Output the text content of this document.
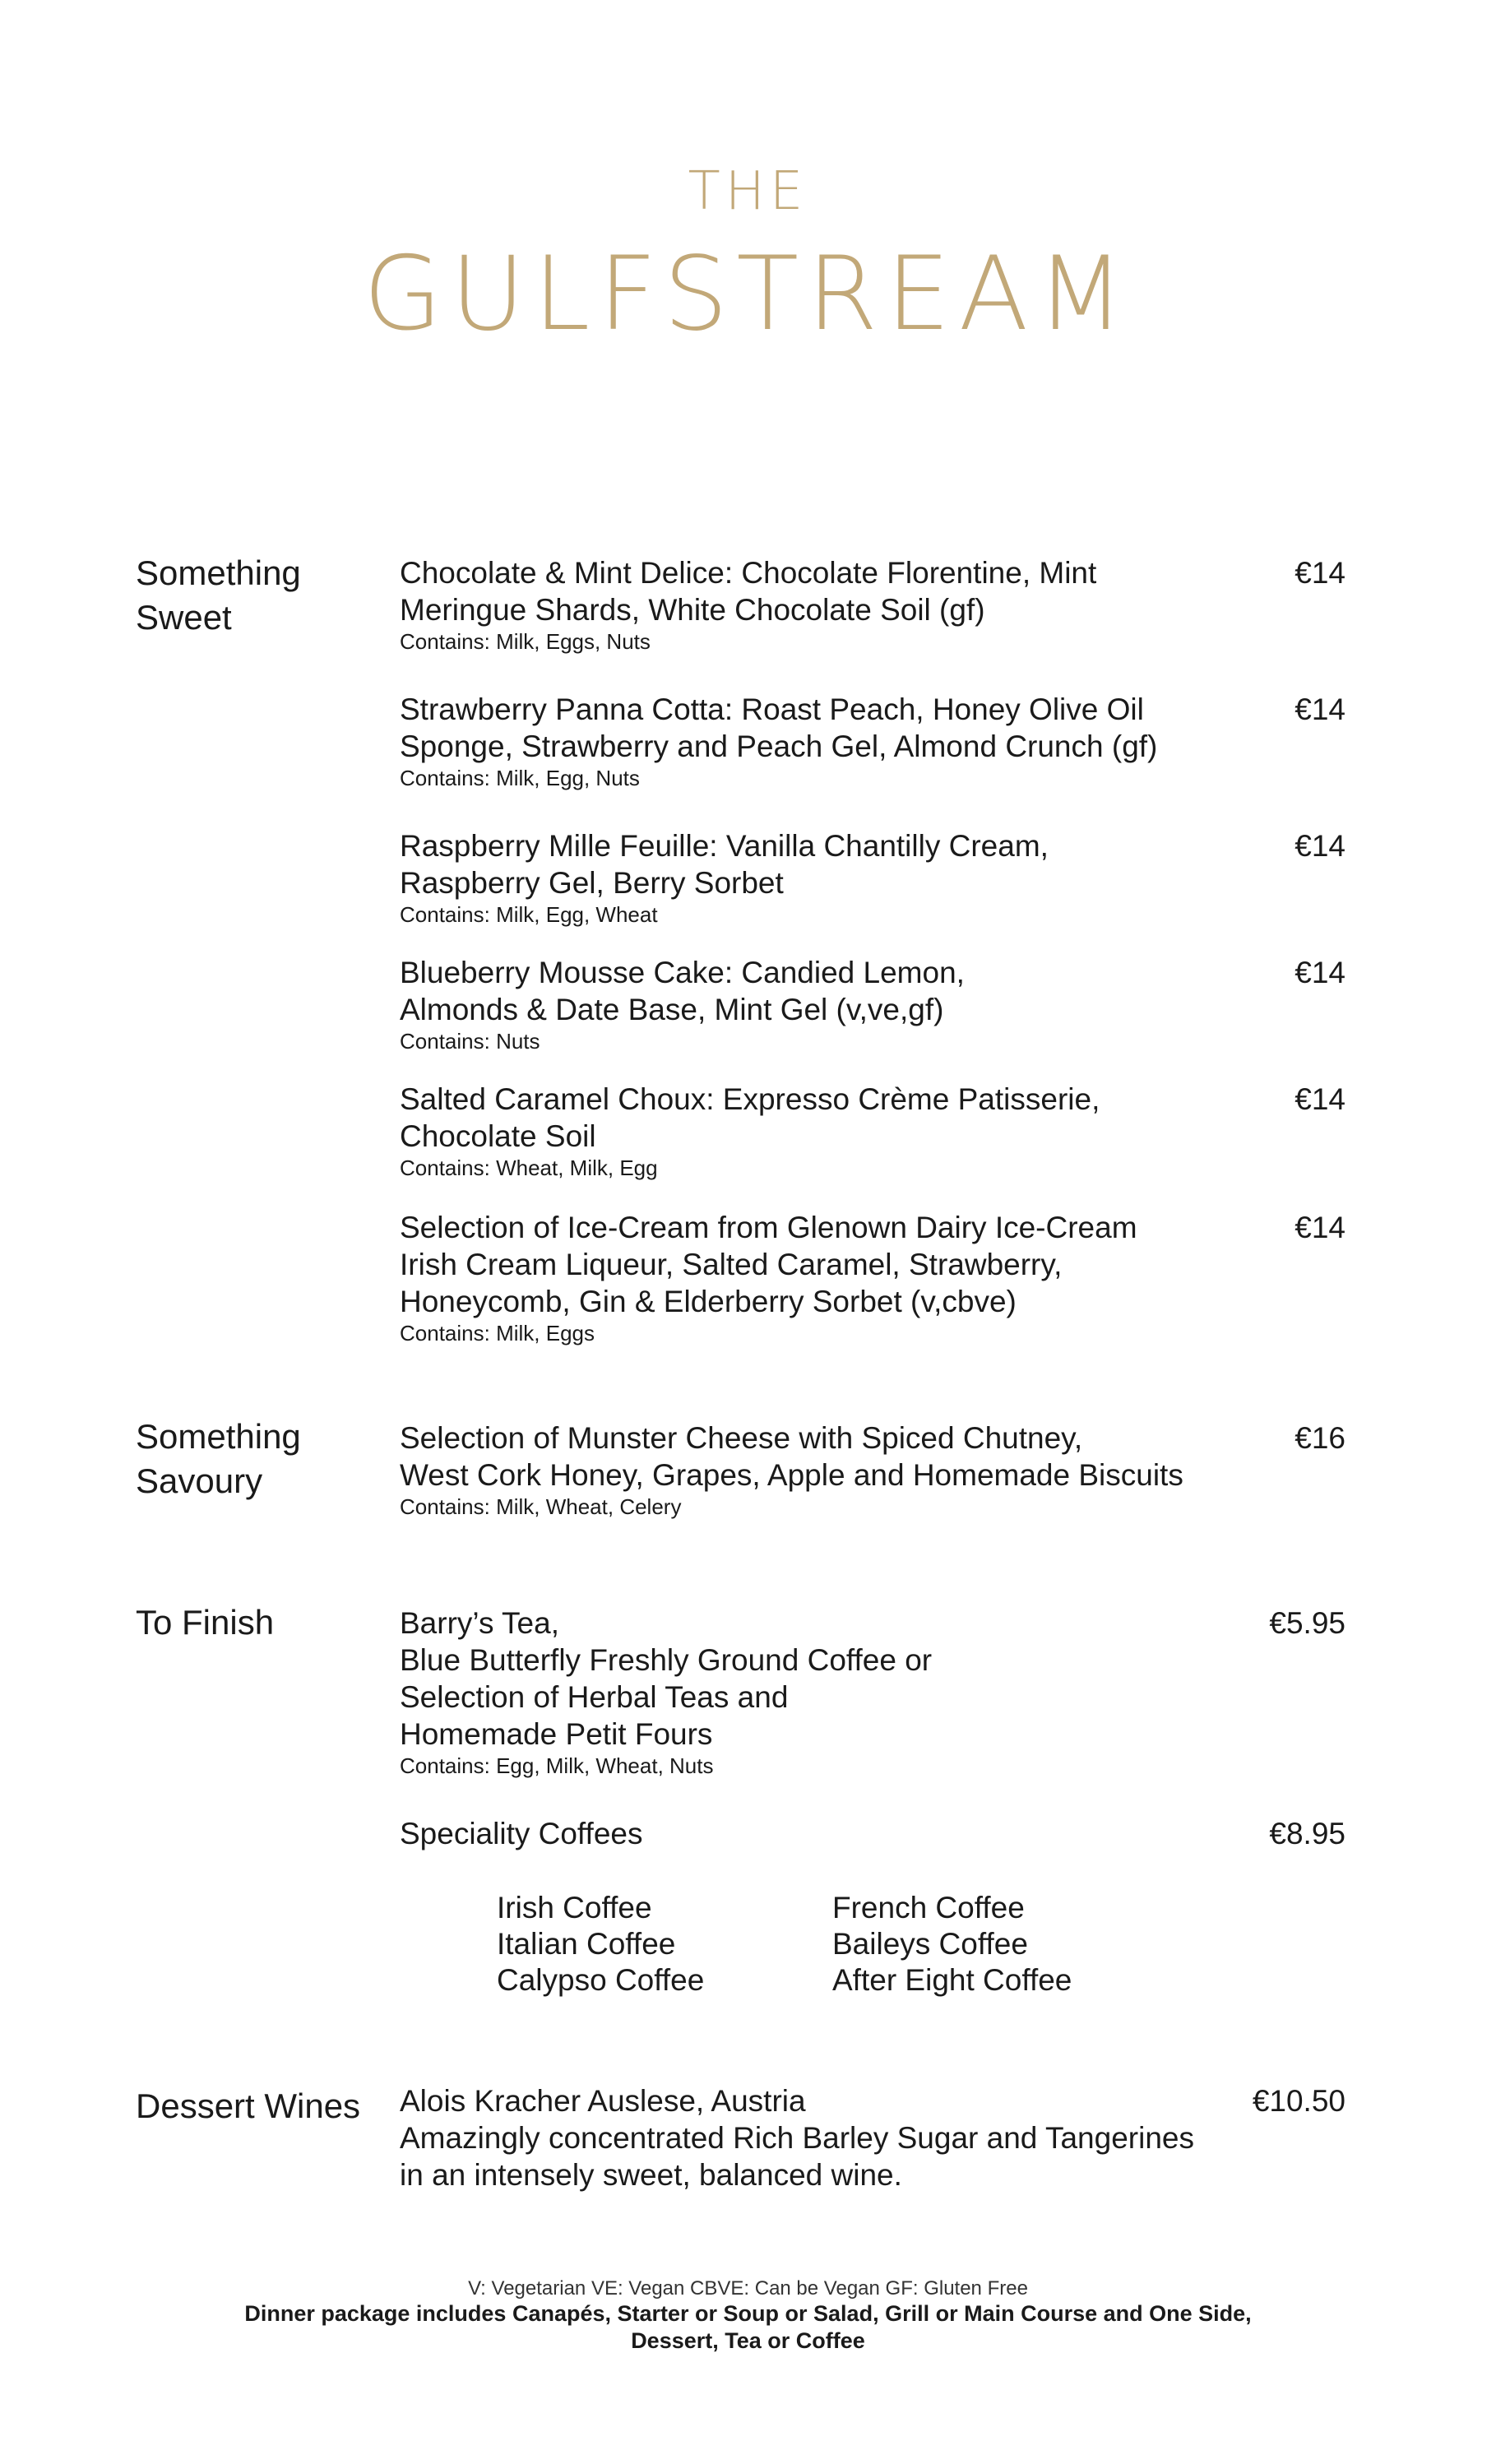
THE
GULFSTREAM
Something
Sweet
Something
Savoury
To Finish
Dessert Wines
Chocolate & Mint Delice: Chocolate Florentine, Mint
Meringue Shards, White Chocolate Soil (gf)
Contains: Milk, Eggs, Nuts
€14
Strawberry Panna Cotta: Roast Peach, Honey Olive Oil
Sponge, Strawberry and Peach Gel, Almond Crunch (gf)
Contains: Milk, Egg, Nuts
€14
Raspberry Mille Feuille: Vanilla Chantilly Cream,
Raspberry Gel, Berry Sorbet
Contains: Milk, Egg, Wheat
€14
Blueberry Mousse Cake: Candied Lemon,
Almonds & Date Base, Mint Gel (v,ve,gf)
Contains: Nuts
€14
Salted Caramel Choux: Expresso Crème Patisserie,
Chocolate Soil
Contains: Wheat, Milk, Egg
€14
Selection of Ice-Cream from Glenown Dairy Ice-Cream
Irish Cream Liqueur, Salted Caramel, Strawberry,
Honeycomb, Gin & Elderberry Sorbet (v,cbve)
Contains: Milk, Eggs
€14
Selection of Munster Cheese with Spiced Chutney,
West Cork Honey, Grapes, Apple and Homemade Biscuits
Contains: Milk, Wheat, Celery
€16
Barry’s Tea,
Blue Butterfly Freshly Ground Coffee or
Selection of Herbal Teas and
Homemade Petit Fours
Contains: Egg, Milk, Wheat, Nuts
€5.95
Speciality Coffees	€8.95
Irish Coffee
Italian Coffee
Calypso Coffee
French Coffee
Baileys Coffee
After Eight Coffee
Alois Kracher Auslese, Austria
Amazingly concentrated Rich Barley Sugar and Tangerines
in an intensely sweet, balanced wine.
€10.50
V: Vegetarian VE: Vegan CBVE: Can be Vegan GF: Gluten Free
Dinner package includes Canapés, Starter or Soup or Salad, Grill or Main Course and One Side,
Dessert, Tea or Coffee
